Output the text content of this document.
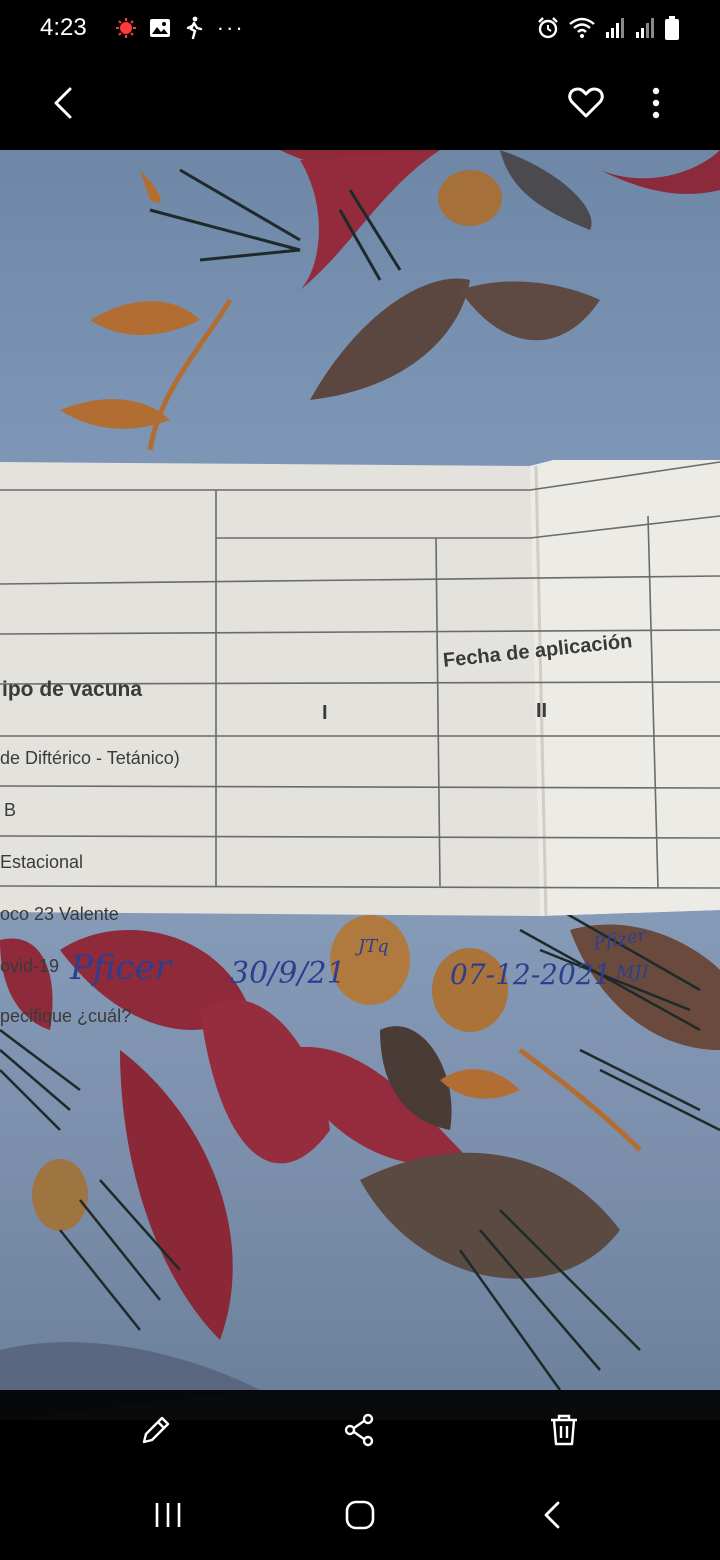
4:23	···
ipo de vacuna
Fecha de aplicación
I	II
de Diftérico - Tetánico)
B
Estacional
oco 23 Valente
ovid-19
pecifique ¿cuál?
Pficer 30/9/21
JTq
07-12-2021
Pfizer
MJI
